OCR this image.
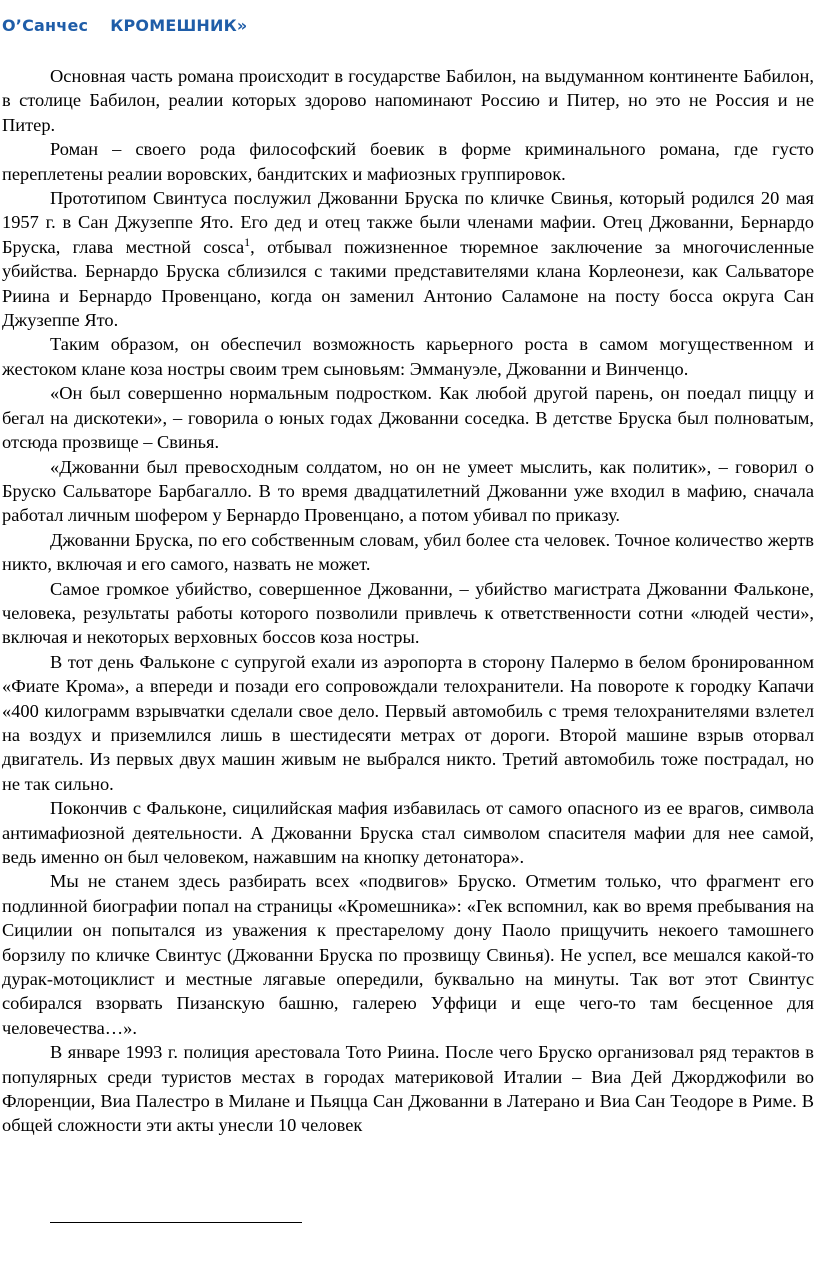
О’Санчес КРОМЕШНИК»

Основная часть романа происходит в государстве Бабилон, на выдуманном континенте Бабилон, в столице Бабилон, реалии которых здорово напоминают Россию и Питер, но это не Россия и не Питер.

Роман – своего рода философский боевик в форме криминального романа, где густо переплетены реалии воровских, бандитских и мафиозных группировок.

Прототипом Свинтуса послужил Джованни Бруска по кличке Свинья, который родился 20 мая 1957 г. в Сан Джузеппе Ято. Его дед и отец также были членами мафии. Отец Джованни, Бернардо Бруска, глава местной cosca$^1$, отбывал пожизненное тюремное заключение за многочисленные убийства. Бернардо Бруска сблизился с такими представителями клана Корлеонези, как Сальваторе Риина и Бернардо Провенцано, когда он заменил Антонио Саламоне на посту босса округа Сан Джузеппе Ято.

Таким образом, он обеспечил возможность карьерного роста в самом могущественном и жестоком клане коза ностры своим трем сыновьям: Эммануэле, Джованни и Винченцо.

«Он был совершенно нормальным подростком. Как любой другой парень, он поедал пиццу и бегал на дискотеки», – говорила о юных годах Джованни соседка. В детстве Бруска был полноватым, отсюда прозвище – Свинья.

«Джованни был превосходным солдатом, но он не умеет мыслить, как политик», – говорил о Бруско Сальваторе Барбагалло. В то время двадцатилетний Джованни уже входил в мафию, сначала работал личным шофером у Бернардо Провенцано, а потом убивал по приказу.

Джованни Бруска, по его собственным словам, убил более ста человек. Точное количество жертв никто, включая и его самого, назвать не может.

Самое громкое убийство, совершенное Джованни, – убийство магистрата Джованни Фальконе, человека, результаты работы которого позволили привлечь к ответственности сотни «людей чести», включая и некоторых верховных боссов коза ностры.

В тот день Фальконе с супругой ехали из аэропорта в сторону Палермо в белом бронированном «Фиате Крома», а впереди и позади его сопровождали телохранители. На повороте к городку Капачи «400 килограмм взрывчатки сделали свое дело. Первый автомобиль с тремя телохранителями взлетел на воздух и приземлился лишь в шестидесяти метрах от дороги. Второй машине взрыв оторвал двигатель. Из первых двух машин живым не выбрался никто. Третий автомобиль тоже пострадал, но не так сильно.

Покончив с Фальконе, сицилийская мафия избавилась от самого опасного из ее врагов, символа антимафиозной деятельности. А Джованни Бруска стал символом спасителя мафии для нее самой, ведь именно он был человеком, нажавшим на кнопку детонатора».

Мы не станем здесь разбирать всех «подвигов» Бруско. Отметим только, что фрагмент его подлинной биографии попал на страницы «Кромешника»: «Гек вспомнил, как во время пребывания на Сицилии он попытался из уважения к престарелому дону Паоло прищучить некоего тамошнего борзилу по кличке Свинтус (Джованни Бруска по прозвищу Свинья). Не успел, все мешался какой-то дурак-мотоциклист и местные лягавые опередили, буквально на минуты. Так вот этот Свинтус собирался взорвать Пизанскую башню, галерею Уффици и еще чего-то там бесценное для человечества…».

В январе 1993 г. полиция арестовала Тото Риина. После чего Бруско организовал ряд терактов в популярных среди туристов местах в городах материковой Италии – Виа Дей Джорджофили во Флоренции, Виа Палестро в Милане и Пьяцца Сан Джованни в Латерано и Виа Сан Теодоре в Риме. В общей сложности эти акты унесли 10 человек
